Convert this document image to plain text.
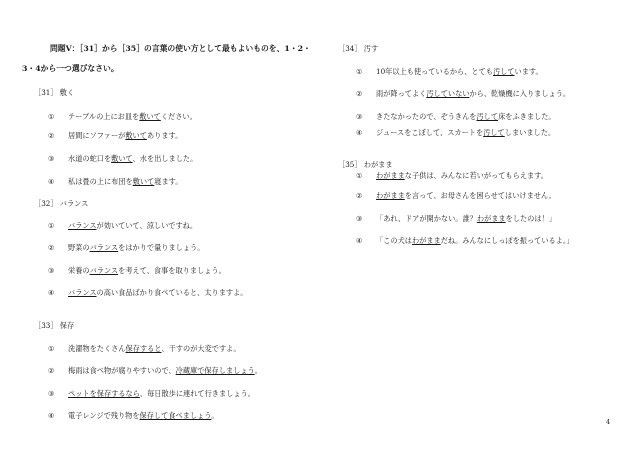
問題Ⅴ：［31］から［35］の言葉の使い方として最もよいものを、1・2・
3・4から一つ選びなさい。
［31］ 敷く
① テーブルの上にお皿を敷いてください。
② 居間にソファーが敷いてあります。
③ 水道の蛇口を敷いて、水を出しました。
④ 私は畳の上に布団を敷いて寝ます。
［32］ バランス
① バランスが効いていて、涼しいですね。
② 野菜のバランスをはかりで量りましょう。
③ 栄養のバランスを考えて、食事を取りましょう。
④ バランスの高い食品ばかり食べていると、太りますよ。
［33］ 保存
① 洗濯物をたくさん保存すると、干すのが大変ですよ。
② 梅雨は食べ物が腐りやすいので、冷蔵庫で保存しましょう。
③ ペットを保存するなら、毎日散歩に連れて行きましょう。
④ 電子レンジで残り物を保存して食べましょう。
［34］ 汚す
① 10年以上も使っているから、とても汚しています。
② 雨が降ってよく汚していないから、乾燥機に入りましょう。
③ きたなかったので、ぞうきんを汚して床をふきました。
④ ジュースをこぼして、スカートを汚してしまいました。
［35］ わがまま
① わがままな子供は、みんなに若いがってもらえます。
② わがままを言って、お母さんを困らせてはいけません。
③ 「あれ、ドアが開かない。誰？わがままをしたのは！」
④ 「この犬はわがままだね。みんなにしっぽを振っているよ。」
4
